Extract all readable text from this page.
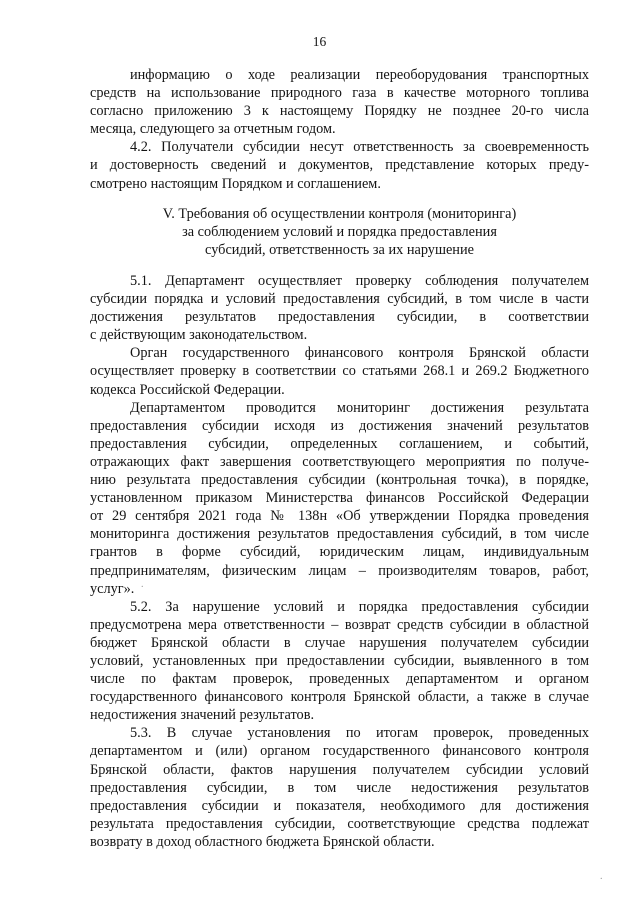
16

информацию о ходе реализации переоборудования транспортных
средств на использование природного газа в качестве моторного топлива
согласно приложению 3 к настоящему Порядку не позднее 20-го числа
месяца, следующего за отчетным годом.
4.2. Получатели субсидии несут ответственность за своевременность
и достоверность сведений и документов, представление которых преду-
смотрено настоящим Порядком и соглашением.
V. Требования об осуществлении контроля (мониторинга)
за соблюдением условий и порядка предоставления
субсидий, ответственность за их нарушение
5.1. Департамент осуществляет проверку соблюдения получателем
субсидии порядка и условий предоставления субсидий, в том числе в части
достижения результатов предоставления субсидии, в соответствии
с действующим законодательством.
Орган государственного финансового контроля Брянской области
осуществляет проверку в соответствии со статьями 268.1 и 269.2 Бюджетного
кодекса Российской Федерации.
Департаментом проводится мониторинг достижения результата
предоставления субсидии исходя из достижения значений результатов
предоставления субсидии, определенных соглашением, и событий,
отражающих факт завершения соответствующего мероприятия по получе-
нию результата предоставления субсидии (контрольная точка), в порядке,
установленном приказом Министерства финансов Российской Федерации
от 29 сентября 2021 года № 138н «Об утверждении Порядка проведения
мониторинга достижения результатов предоставления субсидий, в том числе
грантов в форме субсидий, юридическим лицам, индивидуальным
предпринимателям, физическим лицам – производителям товаров, работ,
услуг».
5.2. За нарушение условий и порядка предоставления субсидии
предусмотрена мера ответственности – возврат средств субсидии в областной
бюджет Брянской области в случае нарушения получателем субсидии
условий, установленных при предоставлении субсидии, выявленного в том
числе по фактам проверок, проведенных департаментом и органом
государственного финансового контроля Брянской области, а также в случае
недостижения значений результатов.
5.3. В случае установления по итогам проверок, проведенных
департаментом и (или) органом государственного финансового контроля
Брянской области, фактов нарушения получателем субсидии условий
предоставления субсидии, в том числе недостижения результатов
предоставления субсидии и показателя, необходимого для достижения
результата предоставления субсидии, соответствующие средства подлежат
возврату в доход областного бюджета Брянской области.
.
.
